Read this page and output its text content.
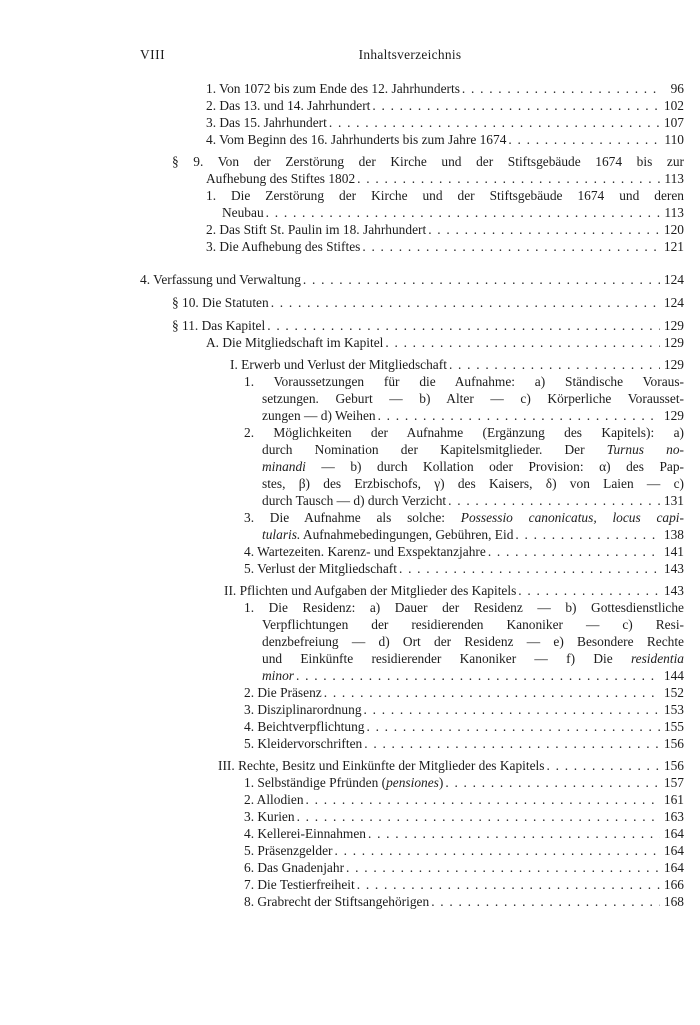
Inhaltsverzeichnis
VIII
1. Von 1072 bis zum Ende des 12. Jahrhunderts . . .	96
2. Das 13. und 14. Jahrhundert . . .	102
3. Das 15. Jahrhundert . . .	107
4. Vom Beginn des 16. Jahrhunderts bis zum Jahre 1674 . . .	110
§ 9. Von der Zerstörung der Kirche und der Stiftsgebäude 1674 bis zur
Aufhebung des Stiftes 1802 . . .	113
1. Die Zerstörung der Kirche und der Stiftsgebäude 1674 und deren
Neubau . . .	113
2. Das Stift St. Paulin im 18. Jahrhundert . . .	120
3. Die Aufhebung des Stiftes . . .	121
4. Verfassung und Verwaltung . . .	124
§ 10. Die Statuten . . .	124
§ 11. Das Kapitel . . .	129
A. Die Mitgliedschaft im Kapitel . . .	129
I. Erwerb und Verlust der Mitgliedschaft . . .	129
1. Voraussetzungen für die Aufnahme: a) Ständische Voraus-
setzungen. Geburt — b) Alter — c) Körperliche Vorausset-
zungen — d) Weihen . . .	129
2. Möglichkeiten der Aufnahme (Ergänzung des Kapitels): a)
durch Nomination der Kapitelsmitglieder. Der Turnus no-
minandi — b) durch Kollation oder Provision: α) des Pap-
stes, β) des Erzbischofs, γ) des Kaisers, δ) von Laien — c)
durch Tausch — d) durch Verzicht . . .	131
3. Die Aufnahme als solche: Possessio canonicatus, locus capi-
tularis. Aufnahmebedingungen, Gebühren, Eid . . .	138
4. Wartezeiten. Karenz- und Exspektanzjahre . . .	141
5. Verlust der Mitgliedschaft . . .	143
II. Pflichten und Aufgaben der Mitglieder des Kapitels . . .	143
1. Die Residenz: a) Dauer der Residenz — b) Gottesdienstliche
Verpflichtungen der residierenden Kanoniker — c) Resi-
denzbefreiung — d) Ort der Residenz — e) Besondere Rechte
und Einkünfte residierender Kanoniker — f) Die residentia
minor . . .	144
2. Die Präsenz . . .	152
3. Disziplinarordnung . . .	153
4. Beichtverpflichtung . . .	155
5. Kleidervorschriften . . .	156
III. Rechte, Besitz und Einkünfte der Mitglieder des Kapitels . . .	156
1. Selbständige Pfründen (pensiones) . . .	157
2. Allodien . . .	161
3. Kurien . . .	163
4. Kellerei-Einnahmen . . .	164
5. Präsenzgelder . . .	164
6. Das Gnadenjahr . . .	164
7. Die Testierfreiheit . . .	166
8. Grabrecht der Stiftsangehörigen . . .	168
